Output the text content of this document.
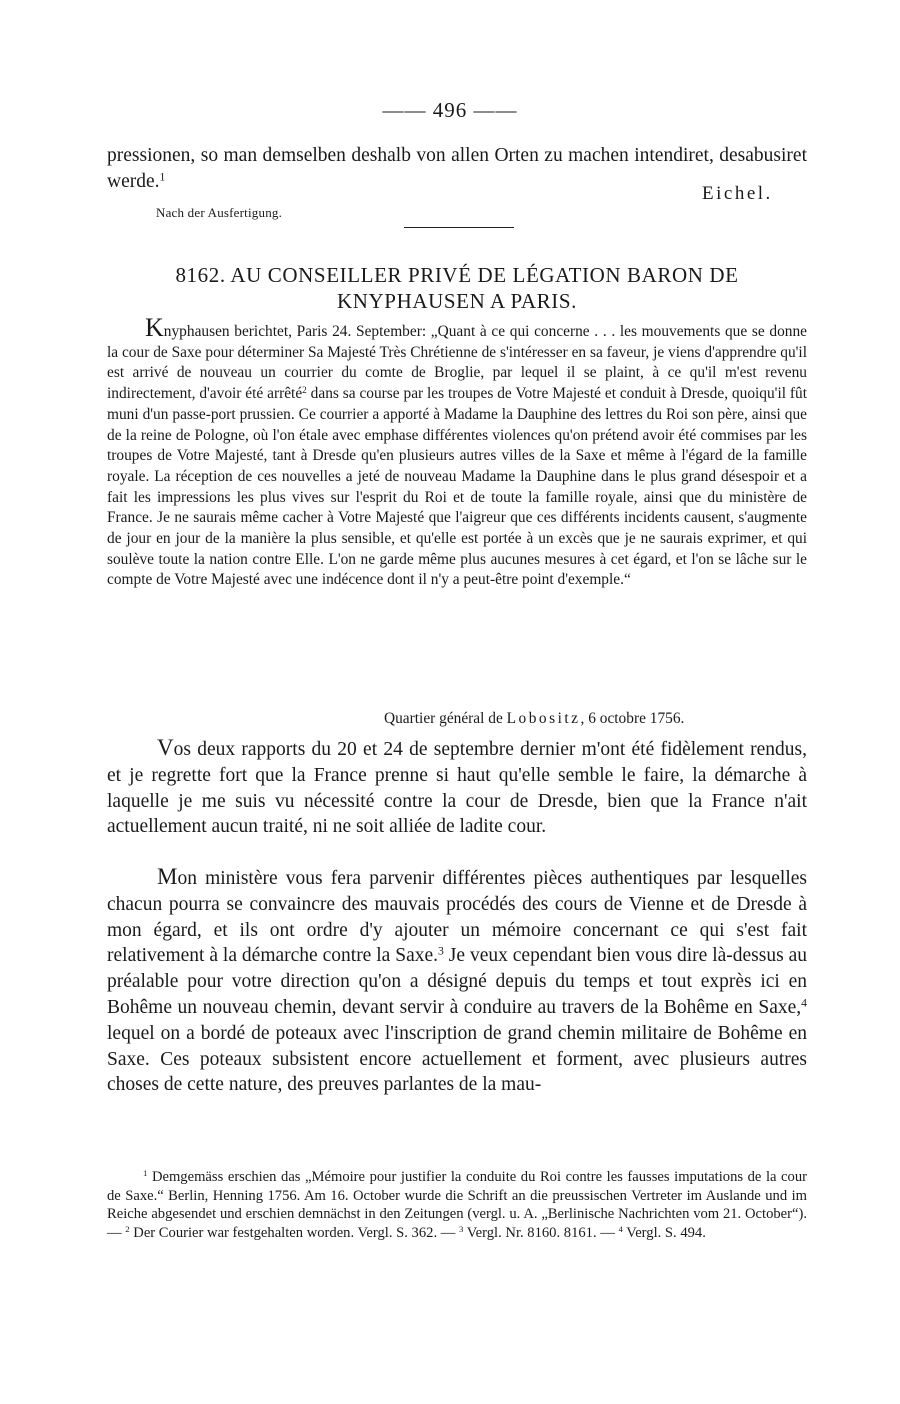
—— 496 ——

pressionen, so man demselben deshalb von allen Orten zu machen intendiret, desabusiret werde.$^1$

Eichel.
Nach der Ausfertigung.
8162. AU CONSEILLER PRIVÉ DE LÉGATION BARON DE
KNYPHAUSEN A PARIS.

Knyphausen berichtet, Paris 24. September: „Quant à ce qui concerne . . . les mouvements que se donne la cour de Saxe pour déterminer Sa Majesté Très Chrétienne de s'intéresser en sa faveur, je viens d'apprendre qu'il est arrivé de nouveau un courrier du comte de Broglie, par lequel il se plaint, à ce qu'il m'est revenu indirectement, d'avoir été arrêté$^2$ dans sa course par les troupes de Votre Majesté et conduit à Dresde, quoiqu'il fût muni d'un passe-port prussien. Ce courrier a apporté à Madame la Dauphine des lettres du Roi son père, ainsi que de la reine de Pologne, où l'on étale avec emphase différentes violences qu'on prétend avoir été commises par les troupes de Votre Majesté, tant à Dresde qu'en plusieurs autres villes de la Saxe et même à l'égard de la famille royale. La réception de ces nouvelles a jeté de nouveau Madame la Dauphine dans le plus grand désespoir et a fait les impressions les plus vives sur l'esprit du Roi et de toute la famille royale, ainsi que du ministère de France. Je ne saurais même cacher à Votre Majesté que l'aigreur que ces différents incidents causent, s'augmente de jour en jour de la manière la plus sensible, et qu'elle est portée à un excès que je ne saurais exprimer, et qui soulève toute la nation contre Elle. L'on ne garde même plus aucunes mesures à cet égard, et l'on se lâche sur le compte de Votre Majesté avec une indécence dont il n'y a peut-être point d'exemple.“

Quartier général de Lobositz, 6 octobre 1756.

Vos deux rapports du 20 et 24 de septembre dernier m'ont été fidèlement rendus, et je regrette fort que la France prenne si haut qu'elle semble le faire, la démarche à laquelle je me suis vu nécessité contre la cour de Dresde, bien que la France n'ait actuellement aucun traité, ni ne soit alliée de ladite cour.

Mon ministère vous fera parvenir différentes pièces authentiques par lesquelles chacun pourra se convaincre des mauvais procédés des cours de Vienne et de Dresde à mon égard, et ils ont ordre d'y ajouter un mémoire concernant ce qui s'est fait relativement à la démarche contre la Saxe.$^3$ Je veux cependant bien vous dire là-dessus au préalable pour votre direction qu'on a désigné depuis du temps et tout exprès ici en Bohême un nouveau chemin, devant servir à conduire au travers de la Bohême en Saxe,$^4$ lequel on a bordé de poteaux avec l'inscription de grand chemin militaire de Bohême en Saxe. Ces poteaux subsistent encore actuellement et forment, avec plusieurs autres choses de cette nature, des preuves parlantes de la mau-

$^1$ Demgemäss erschien das „Mémoire pour justifier la conduite du Roi contre les fausses imputations de la cour de Saxe.“ Berlin, Henning 1756. Am 16. October wurde die Schrift an die preussischen Vertreter im Auslande und im Reiche abgesendet und erschien demnächst in den Zeitungen (vergl. u. A. „Berlinische Nachrichten vom 21. October“). — $^2$ Der Courier war festgehalten worden. Vergl. S. 362. — $^3$ Vergl. Nr. 8160. 8161. — $^4$ Vergl. S. 494.
